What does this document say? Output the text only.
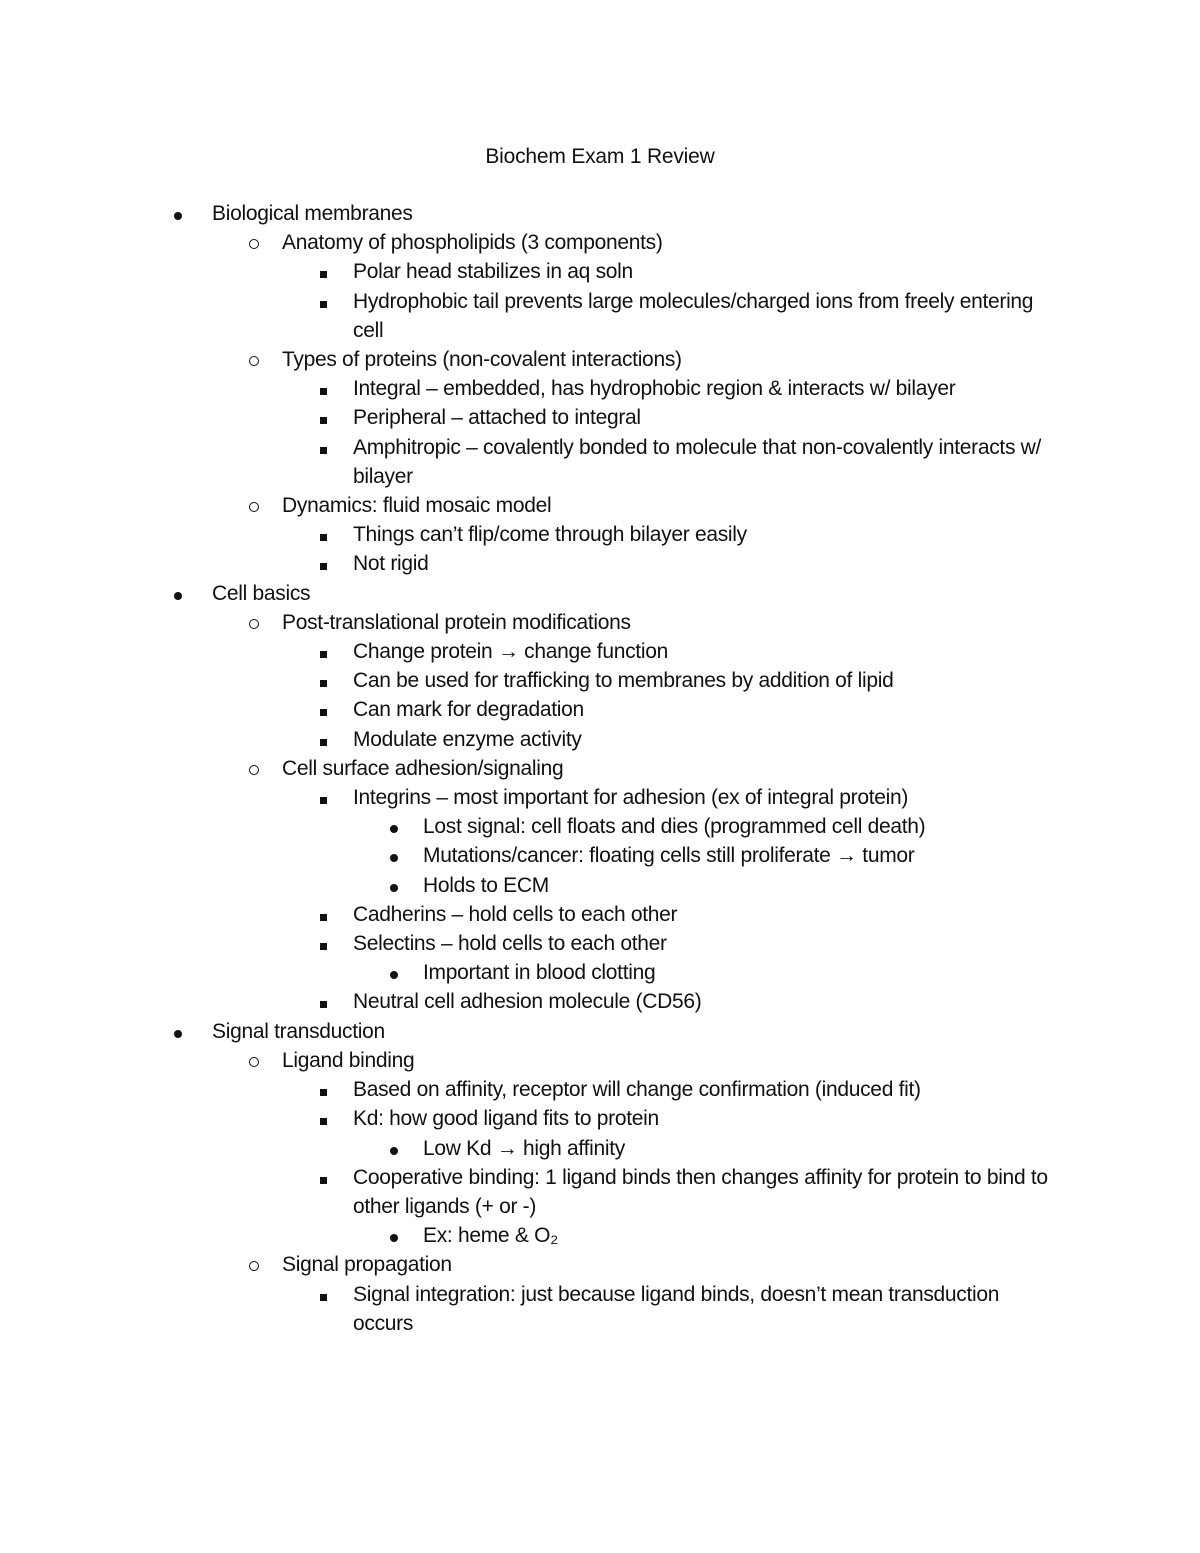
Biochem Exam 1 Review
Biological membranes
Anatomy of phospholipids (3 components)
Polar head stabilizes in aq soln
Hydrophobic tail prevents large molecules/charged ions from freely entering cell
Types of proteins (non-covalent interactions)
Integral – embedded, has hydrophobic region & interacts w/ bilayer
Peripheral – attached to integral
Amphitropic – covalently bonded to molecule that non-covalently interacts w/ bilayer
Dynamics: fluid mosaic model
Things can’t flip/come through bilayer easily
Not rigid
Cell basics
Post-translational protein modifications
Change protein → change function
Can be used for trafficking to membranes by addition of lipid
Can mark for degradation
Modulate enzyme activity
Cell surface adhesion/signaling
Integrins – most important for adhesion (ex of integral protein)
Lost signal: cell floats and dies (programmed cell death)
Mutations/cancer: floating cells still proliferate → tumor
Holds to ECM
Cadherins – hold cells to each other
Selectins – hold cells to each other
Important in blood clotting
Neutral cell adhesion molecule (CD56)
Signal transduction
Ligand binding
Based on affinity, receptor will change confirmation (induced fit)
Kd: how good ligand fits to protein
Low Kd → high affinity
Cooperative binding: 1 ligand binds then changes affinity for protein to bind to other ligands (+ or -)
Ex: heme & O₂
Signal propagation
Signal integration: just because ligand binds, doesn’t mean transduction occurs
